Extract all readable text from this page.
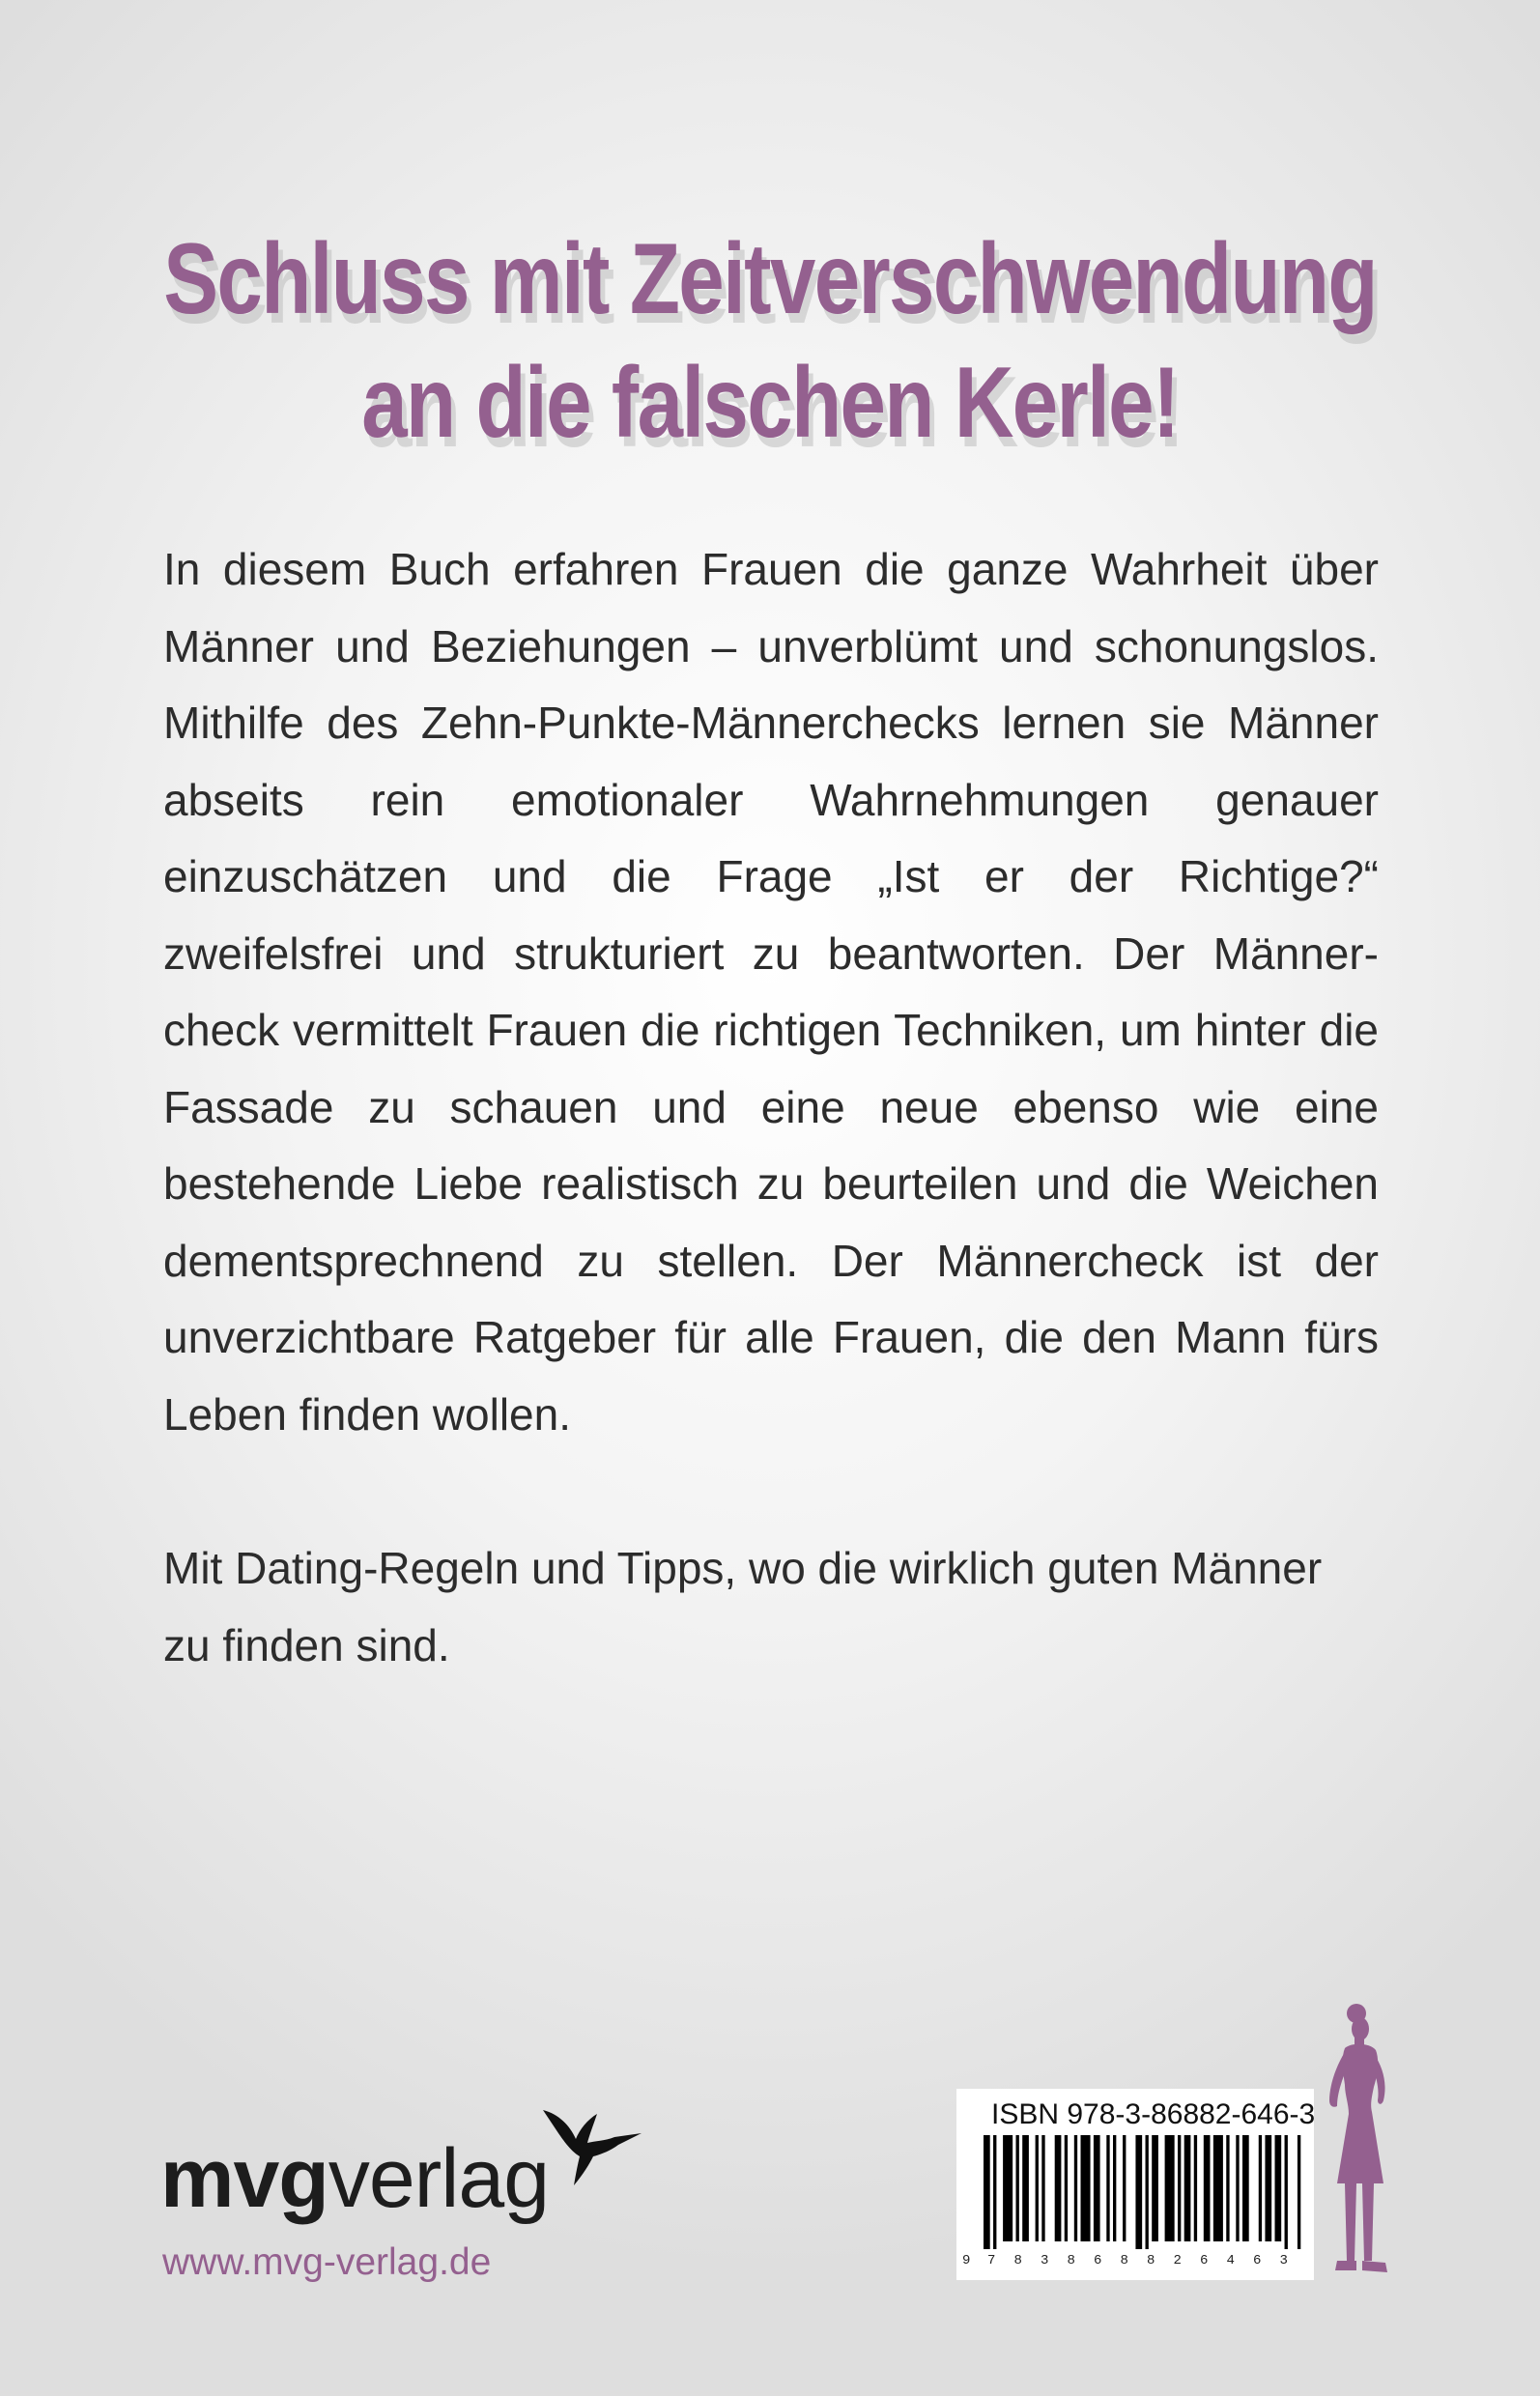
Schluss mit Zeitverschwendung
an die falschen Kerle!

In diesem Buch erfahren Frauen die ganze Wahrheit über Männer und Beziehungen – unverblümt und schonungslos. Mithilfe des Zehn-Punkte-Männerchecks lernen sie Männer abseits rein emotionaler Wahrnehmungen genauer einzuschätzen und die Frage „Ist er der Richtige?“ zweifelsfrei und strukturiert zu beantworten. Der Männercheck vermittelt Frauen die richtigen Techniken, um hinter die Fassade zu schauen und eine neue ebenso wie eine bestehende Liebe realistisch zu beurteilen und die Weichen dementsprechnend zu stellen. Der Männercheck ist der unverzichtbare Ratgeber für alle Frauen, die den Mann fürs Leben finden wollen.

Mit Dating-Regeln und Tipps, wo die wirklich guten Männer zu finden sind.

mvgverlag
www.mvg-verlag.de
ISBN 978-3-86882-646-3
9 7 8 3 8 6 8 8 2 6 4 6 3
